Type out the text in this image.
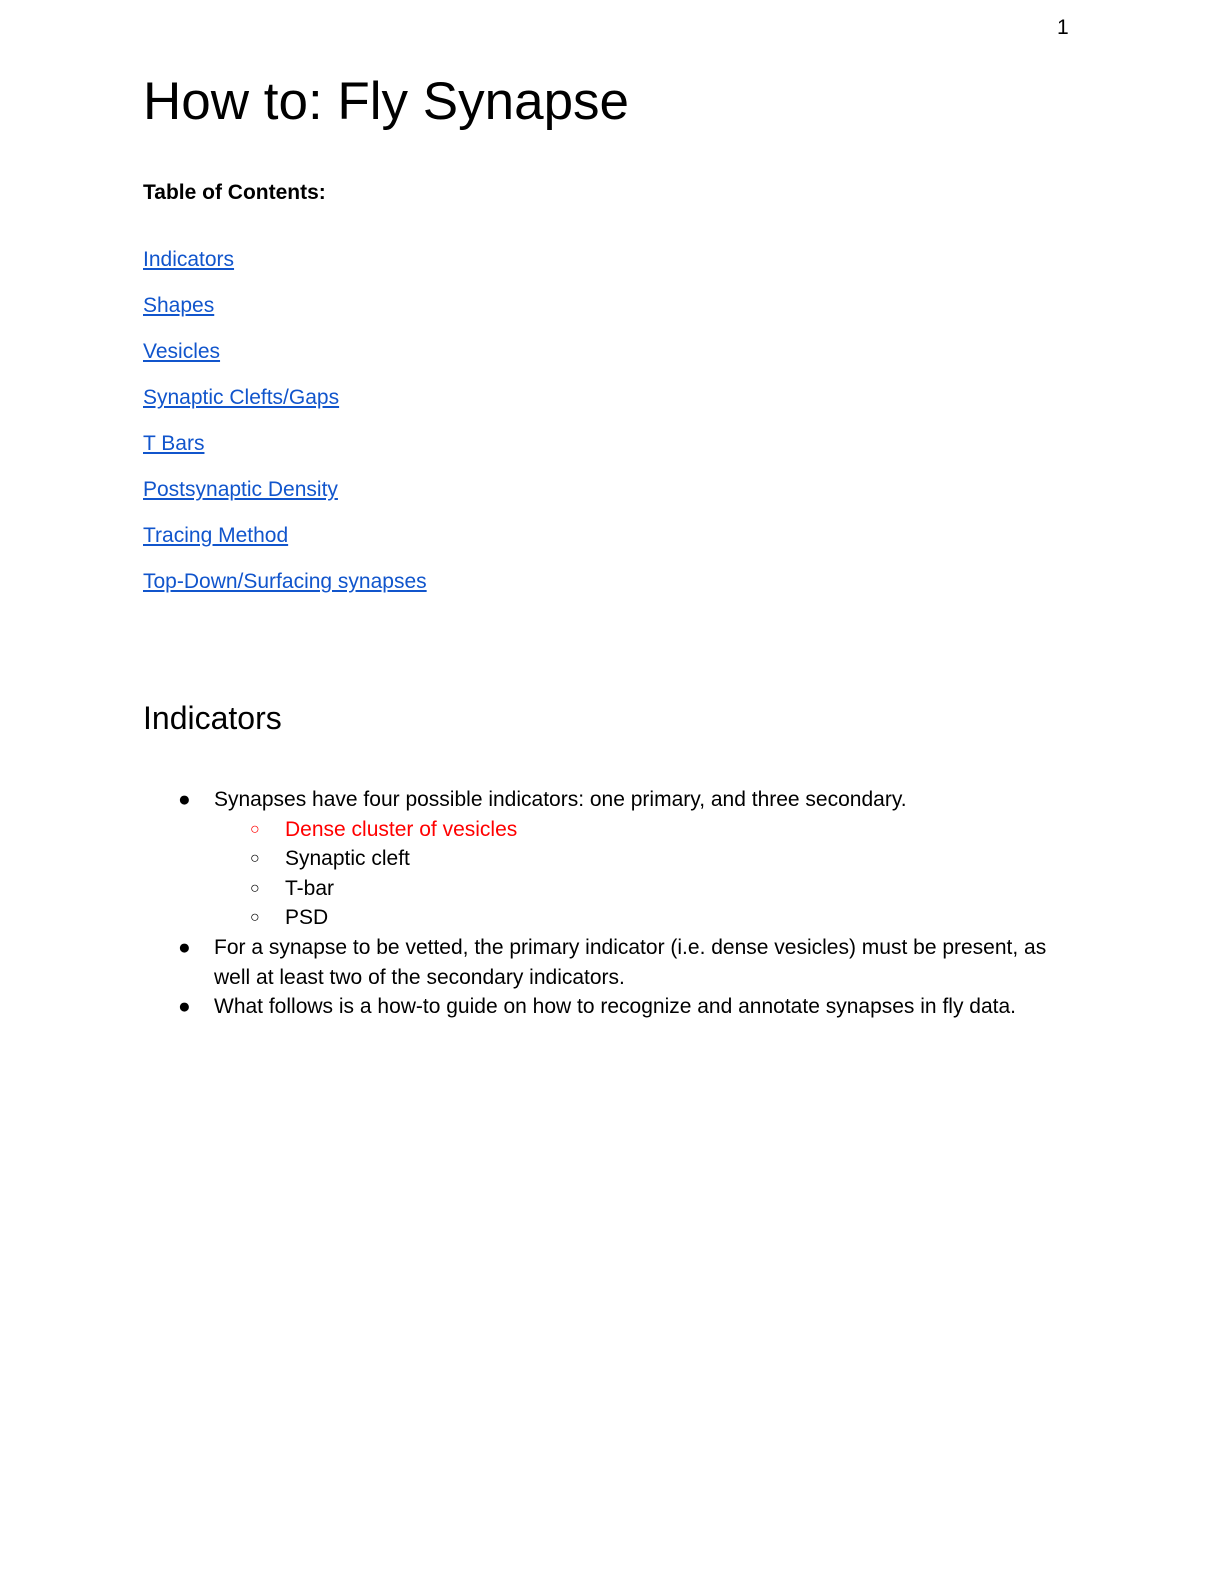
1
How to: Fly Synapse
Table of Contents:
Indicators
Shapes
Vesicles
Synaptic Clefts/Gaps
T Bars
Postsynaptic Density
Tracing Method
Top-Down/Surfacing synapses
Indicators
● Synapses have four possible indicators: one primary, and three secondary.
○ Dense cluster of vesicles
○ Synaptic cleft
○ T-bar
○ PSD
● For a synapse to be vetted, the primary indicator (i.e. dense vesicles) must be present, as well at least two of the secondary indicators.
● What follows is a how-to guide on how to recognize and annotate synapses in fly data.
